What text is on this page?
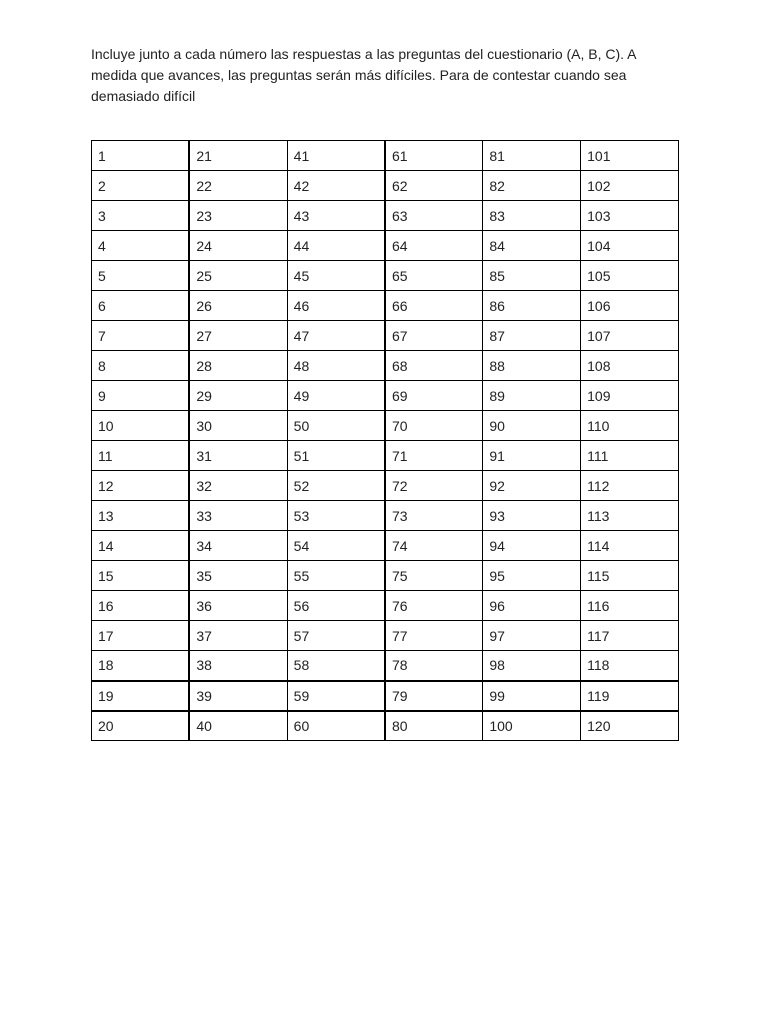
Incluye junto a cada número las respuestas a las preguntas del cuestionario (A, B, C). A medida que avances, las preguntas serán más difíciles. Para de contestar cuando sea demasiado difícil

1	21	41	61	81	101
2	22	42	62	82	102
3	23	43	63	83	103
4	24	44	64	84	104
5	25	45	65	85	105
6	26	46	66	86	106
7	27	47	67	87	107
8	28	48	68	88	108
9	29	49	69	89	109
10	30	50	70	90	110
11	31	51	71	91	111
12	32	52	72	92	112
13	33	53	73	93	113
14	34	54	74	94	114
15	35	55	75	95	115
16	36	56	76	96	116
17	37	57	77	97	117
18	38	58	78	98	118
19	39	59	79	99	119
20	40	60	80	100	120
